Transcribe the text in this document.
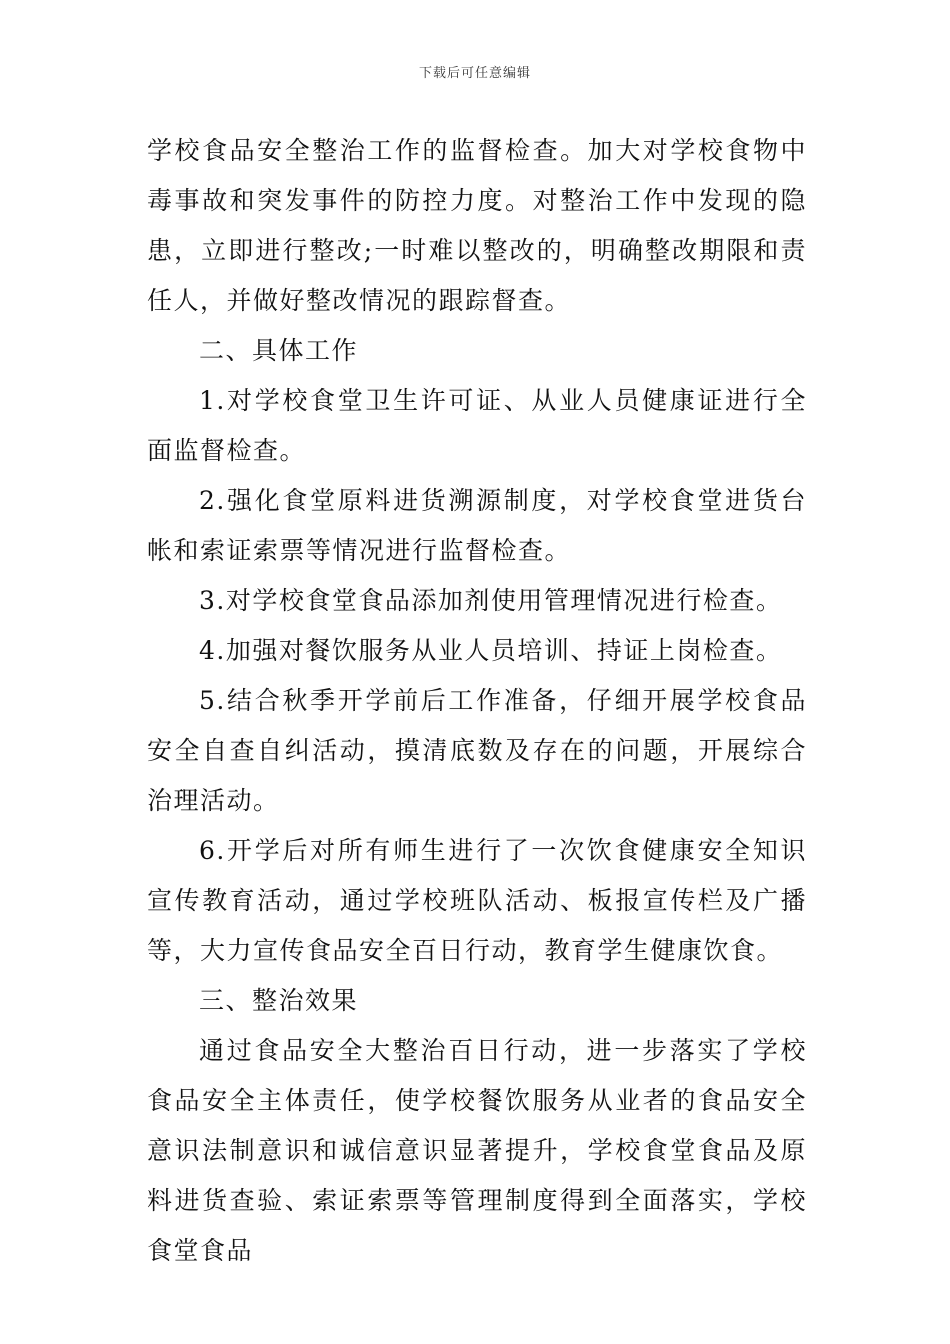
下载后可任意编辑

学校食品安全整治工作的监督检查。加大对学校食物中毒事故和突发事件的防控力度。对整治工作中发现的隐患，立即进行整改;一时难以整改的，明确整改期限和责任人，并做好整改情况的跟踪督查。

二、具体工作

1.对学校食堂卫生许可证、从业人员健康证进行全面监督检查。

2.强化食堂原料进货溯源制度，对学校食堂进货台帐和索证索票等情况进行监督检查。

3.对学校食堂食品添加剂使用管理情况进行检查。

4.加强对餐饮服务从业人员培训、持证上岗检查。

5.结合秋季开学前后工作准备，仔细开展学校食品安全自查自纠活动，摸清底数及存在的问题，开展综合治理活动。

6.开学后对所有师生进行了一次饮食健康安全知识宣传教育活动，通过学校班队活动、板报宣传栏及广播等，大力宣传食品安全百日行动，教育学生健康饮食。

三、整治效果

通过食品安全大整治百日行动，进一步落实了学校食品安全主体责任，使学校餐饮服务从业者的食品安全意识法制意识和诚信意识显著提升，学校食堂食品及原料进货查验、索证索票等管理制度得到全面落实，学校食堂食品
